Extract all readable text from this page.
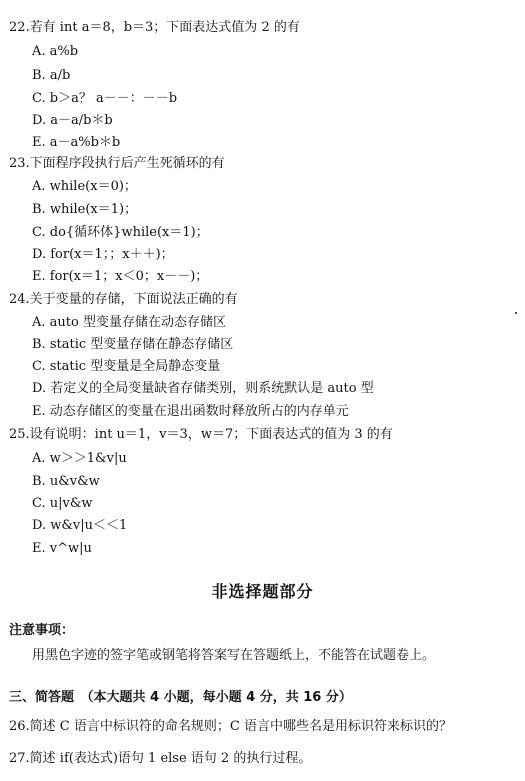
22.若有 int a＝8，b＝3；下面表达式值为 2 的有
A. a%b
B. a/b
C. b＞a？ a－－：－－b
D. a－a/b＊b
E. a－a%b＊b
23.下面程序段执行后产生死循环的有
A. while(x＝0)；
B. while(x＝1)；
C. do{循环体}while(x＝1)；
D. for(x＝1；；x＋＋)；
E. for(x＝1；x＜0；x－－)；
24.关于变量的存储，下面说法正确的有
A. auto 型变量存储在动态存储区
B. static 型变量存储在静态存储区
C. static 型变量是全局静态变量
D. 若定义的全局变量缺省存储类别，则系统默认是 auto 型
E. 动态存储区的变量在退出函数时释放所占的内存单元
25.设有说明：int u＝1，v＝3，w＝7；下面表达式的值为 3 的有
A. w＞＞1&v|u
B. u&v&w
C. u|v&w
D. w&v|u＜＜1
E. v^w|u
非选择题部分
注意事项：
用黑色字迹的签字笔或钢笔将答案写在答题纸上，不能答在试题卷上。
三、简答题　（本大题共 4 小题，每小题 4 分，共 16 分）
26.简述 C 语言中标识符的命名规则；C 语言中哪些名是用标识符来标识的？
27.简述 if(表达式)语句 1 else 语句 2 的执行过程。
